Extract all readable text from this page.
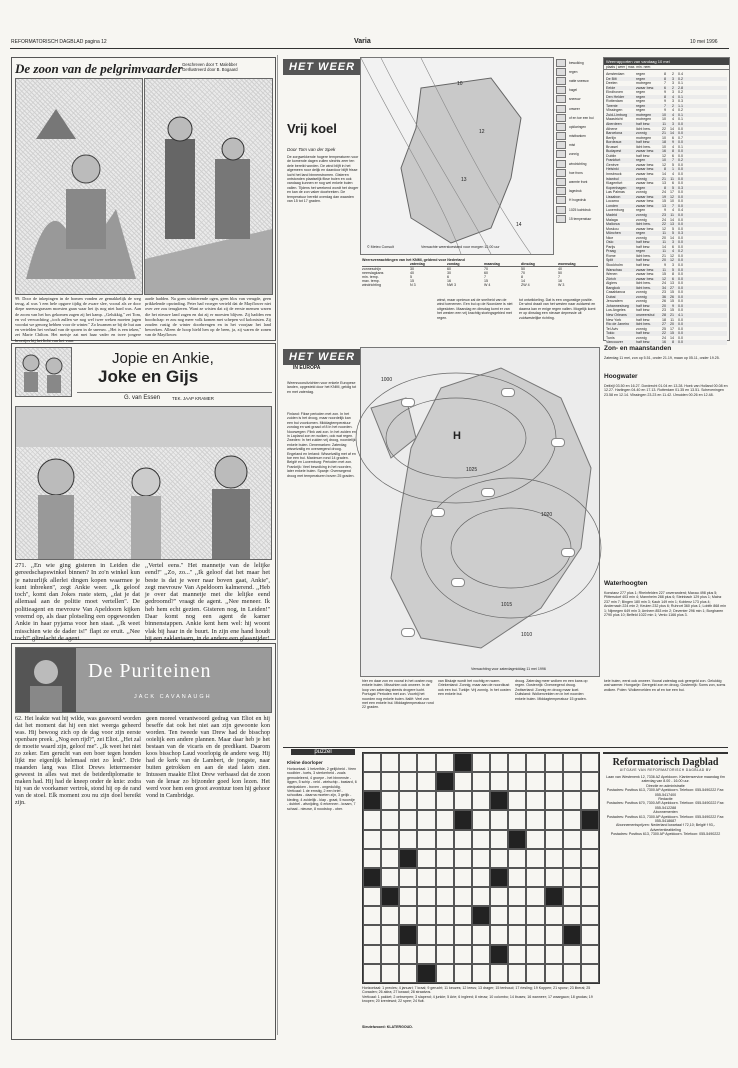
REFORMATORISCH DAGBLAD pagina 12	Varia	10 mei 1996
De zoon van de pelgrimvaarder Geschreven door T. Malebber
Geïllustreerd door B. Bogaard
99. Door de inkepingen in de bomen vonden ze gemakkelijk de weg terug, al was 't een hele opgave tijdig de zware slee, vooral als ze door diepe sneeuwgrassen moesten gaan waar het ijs nog niet hard was. Aan de zoom van het bos gekomen zagen zij het kamp. ,,Gelukkig,'' zei Tom, en vol verwachting ,,toch zullen we nog wel twee weken moeten jagen voordat we genoeg hebben voor de winter.'' Zo kwamen ze bij de hut aan en vertelden het verhaal van de sporen in de sneeuw. ,,Het is een teken,'' zei Marie Chilton. Het meisje zat met haar vader en twee jongere broertjes bij het licht van het vuur.
aarde hadden. Na goen schitterende ogen, geen blos van vreugde, geen prikkelende opwinding. Peter had vroeger verteld dat de Mayflower niet over zee zou terugkeren. Want ze wisten dat zij de eerste mensen waren die het nieuwe land zagen en dat zij er moesten blijven. Zij hadden een boodschap: er zou nog meer volk komen met schepen vol kolonisten. Zij zouden rustig de winter doorbrengen en in het voorjaar het land bewerken. Alleen de hoop hield hen op de been, ja, zij waren de zonen van de Mayflower.
Jopie en Ankie,
Joke en Gijs
G. van Essen	TEK. JAAP KRAMER
271. ,,En wie ging gisteren in Leiden die gereedschapswinkel binnen? In zo'n winkel kun je natuurlijk allerlei dingen kopen waarmee je kunt inbreken'', zegt Ankie weer. ,,Ik geloof toch'', komt dan Jokes ruste stem, ,,dat je dat allemaal aan de politie moet vertellen''. De politieagent en mevrouw Van Apeldoorn kijken vreemd op, als daar plotseling een opgewonden Ankie in haar pyjama voor hen staat. ,,Ik weet misschien wie de dader is!'' flapt ze eruit. ,,Nee toch!'' glimlacht de agent.
,,Vertel eens.'' Het mannetje van de lelijke eend!'' ,,Zo, zo...'' ,,Ik geloof dat het maar het beste is dat je weer naar boven gaat, Ankie'', zegt mevrouw Van Apeldoorn kalmerend. ,,Heb je over dat mannetje met die lelijke eend gedroomd?'' vraagt de agent. ,,Nee meneer. Ik heb hem echt gezien. Gisteren nog, in Leiden!'' Daar komt nog een agent de kamer binnenstappen. Ankie kent hem wel: hij woont vlak bij haar in de buurt. In zijn ene hand houdt hij een zaklantaarn, in de andere een glassnijder!
De Puriteinen
JACK CAVANAUGH
62. Het leakte wat hij wilde, was geavoerd worden dat het moment dat hij een niet weerga geheerd was. Hij bewoog zich op de dag voor zijn eerste openbare preek. ,,Nog een rijd?'', zei Eliot. ,,Het zal de moeite waard zijn, geloof me''. ,,Ik weet het niet zo zeker. Een gerucht van een boer tegen honden lijkt me eigenlijk helemaal niet zo leuk''. Drie maanden lang was Eliot Drews lettermeester geweest in alles wat met de beiderdiplomatie te maken had. Hij had de kneep onder de knie: zodra hij van de voorkamer vertrok, stond hij op de rand van de stoel. Elk moment zou nu zijn doel bereikt zijn.
geen moreel verantwoord gedrag van Eliot en hij beseffe dat ook het niet aan zijn gewoonte kon worden. Ten tweede van Drew had de bisschop ooielijk een andere plannen. Maar daar heb je het bestaan van de vicaris en de predikant. Daarom koos bisschop Laud voorlopig de andere weg. Hij had de kerk van de Lambert, de jongste, naar buiten getrokken en aan de stad laten zien. Intussen maakte Eliot Drew verbaasd dat de zoon van de leraar zo bijzonder goed kon lezen. Het werd voor hem een groot avontuur toen hij gehoor vond in Cambridge.
HET WEER
Vrij koel
Door Tom van der Spek
De zorgwekkende hogere temperaturen voor de komende dagen zullen slechts zeer ten dele bereikt worden. De wind blijft in het algemeen noor delijk en daardoor blijft frisse lucht het land binnenstromen. Gisteren ontstonden plaatselijk fikse buien en ook vandaag kunnen er nog wel enkele buien vallen. Tijdens het weekend wordt het droger en kan de zon vaker doorbreken. De temperatuur bereikt overdag dan waarden van 15 tot 17 graden.
10
12
13
14
© Meteo Consult	Verwachte weerstoestand voor morgen 12.00 uur
bewolking
regen
natte sneeuw
hagel
sneeuw
onweer
of en toe een bui
opklaringen
mistbanken
mist
zonnig
windrichting
hoe frons
warmte front
lagedruk
H hogedruk
1025 luchtdruk
15 temperatuur
Weersverwachtingen van het KNMI, geldend voor Nederland
zaterdag	zondag	maandag	dinsdag	woensdag
zonneschijn	30	60	70	50	40
neerslagkans	40	30	60	70	50
min. temp.	5	6	7	8	7
max. temp.	15	16	15	14	16
windrichting	N 3	NW 3	W 4	ZW 4	W 3
winst, maar opnieuw zal de snelheid van de wind toenemen. Een bui op de Noordzee is niet uitgesloten. Maandag en dinsdag komt er van het westen een vrij krachtig storingsgebied met regen.
tot ontwikkeling. Dat is een ongunstige positie. De wind draait van het westen naar zuidwest en daarna kan er enige regen vallen. Mogelijk komt er op dinsdag een nieuwe depressie uit zuidwestelijke richting.
HET WEER
IN EUROPA
Weersvooruitzichten voor enkele Europese landen, opgesteld door het KNMI, geldig tot en met zaterdag.
Finland: Fikse perioden met zon. In het zuiden is het droog, maar noordelijk kan een bui voorkomen. Middagtemperatuur zondag en wat graad of 8 in het noorden. Noorwegen: Flink wat zon. In het zuiden en in Lapland zon en wolken, ook wat regen. Zweden: In het zuiden vrij droog, noordelijk enkele buien. Denemarken: Zaterdag wisselvallig en overwegend droog. Engeland en Ierland: Wisselvallig met af en toe een bui. Maximum rond 14 graden. België en Luxemburg: Perioden met zon. Frankrijk: Veel bewolking in het noorden, later enkele buien. Spanje: Overwegend droog met temperaturen boven 25 graden.
H
1025
1020
1015
1010
1000
Verwachting voor zaterdagmiddag 11 mei 1996
hier en daar zon en vooral in het oosten nog enkele buien. Misschien ook onweer. In de loop van zaterdag steeds drogere lucht. Portugal: Perioden met zon. Voorbij het noorden nog enkele buien. Italië: Veel zon met een enkele bui. Middagtemperatuur rond 22 graden.
van Biskaje wordt het vochtig en warm. Griekenland: Zonnig, maar aan de noordkust ook een bui. Turkije: Vrij zonnig. In het oosten een enkele bui.
droog. Zaterdag meer wolken en een kans op regen. Oostenrijk: Overwegend droog. Zwitserland: Zonnig en droog maar koel. Duitsland: Wolkenvelden en in het noorden enkele buien. Middagtemperatuur 15 graden.
kele buien, eerst ook onweer. Vooral zaterdag ook geregeld zon. Gelukkig wat warmer. Hongarije: Geregeld zon en droog. Oostenrijk: Soms zon, soms wolken. Polen: Wolkenvelden en af en toe een bui.
Weerrapporten van vandaag 10 mei
plaats | weer | max. min. neer.
Amsterdam	regen	8	2	0.4
De Bilt	regen	8	3	0.2
Deelen	motregen	7	3	0.1
Eelde	zwaar bew.	6	2	2.8
Eindhoven	regen	9	3	0.2
Den Helder	regen	8	4	0.1
Rotterdam	regen	9	3	0.3
Twente	regen	7	2	1.1
Vlissingen	regen	9	4	0.2
Zuid-Limburg	motregen	10	4	0.1
Maastricht	motregen	10	4	0.1
Aberdeen	half bew.	11	3	0.0
Athene	licht bew.	22	14	0.0
Barcelona	zonnig	21	14	0.0
Berlijn	motregen	10	6	0.7
Bordeaux	half bew.	18	9	0.0
Brussel	licht bew.	10	4	0.1
Budapest	zwaar bew.	16	8	0.0
Dublin	half bew.	12	6	0.0
Frankfurt	regen	10	7	0.2
Genève	zwaar bew.	12	5	0.0
Helsinki	zwaar bew.	8	1	0.0
Innsbruck	zwaar bew.	14	4	0.0
Istanbul	zonnig	21	11	0.0
Klagenfurt	zwaar bew.	13	6	0.0
Kopenhagen	regen	8	5	0.3
Las Palmas	zonnig	24	17	0.0
Lissabon	zwaar bew.	19	12	0.0
Locarno	zwaar bew.	15	10	0.0
Londen	zwaar bew.	13	7	0.0
Luxemburg	regen	9	4	0.4
Madrid	zonnig	23	11	0.0
Malaga	zonnig	24	14	0.0
Mallorca	licht bew.	22	13	0.0
Moskou	zwaar bew.	12	5	0.0
München	regen	11	5	0.3
Nice	zonnig	20	14	0.0
Oslo	half bew.	11	3	0.0
Parijs	half bew.	14	6	0.0
Praag	regen	11	4	0.2
Rome	licht bew.	21	12	0.0
Split	half bew.	20	12	0.0
Stockholm	half bew.	9	3	0.0
Warschau	zwaar bew.	11	5	0.0
Wenen	zwaar bew.	15	8	0.0
Zürich	zwaar bew.	12	6	0.0
Algiers	licht bew.	24	13	0.0
Bangkok	licht bew.	34	27	0.0
Casablanca	zonnig	23	15	0.0
Dubai	zonnig	36	26	0.0
Jeruzalem	zonnig	26	15	0.0
Johannesburg	half bew.	20	9	0.0
Los Angeles	half bew.	23	15	0.0
New Orleans	onweersbui	28	21	4.1
New York	half bew.	18	11	0.0
Rio de Janeiro	licht bew.	27	20	0.0
Tel Aviv	zonnig	25	17	0.0
Tokio	half bew.	22	15	0.0
Tunis	zonnig	24	14	0.0
Vancouver	half bew.	16	8	0.0
Zon- en maanstanden
Zaterdag 11 mei, zon op 5.51, onder 21.19, maan op 05.11, onder 19.25.
Hoogwater
Delfzijl 03.50 en 16.27. Dordrecht 01.04 en 13.28. Hoek van Holland 00.08 en 12.27. Harlingen 04.40 en 17.13. Rotterdam 01.35 en 13.51. Scheveningen 23.58 en 12.14. Vlissingen 23.23 en 11.42. IJmuiden 00.26 en 12.48.
Waterhoogten
Konstanz 277 plus 1; Rheinfelden 227 onveranderd; Maxau 498 plus 5; Plittersdorf 403 min 4; Mannheim 288 plus 6; Steinbach 129 plus 1; Mainz 237 min 7; Bingen 180 min 3; Kaub 149 min 1; Koblenz 173 plus 4; Andernach 224 min 2; Keulen 232 plus 6; Ruhrort 360 plus 1; Lobith 868 min 1; Nijmegen 649 min 3; Arnhem 853 min 2; Deventer 296 min 1; Borgharen 2790 plus 10; Belfeld 1022 min 1; Venlo 1166 plus 3.
puzzel
Kleine doorloper
Horizontaal: 1 hetzelfde, 2 gelijkheid - Veen roodbier - toets, 3 sterkerheid - zoals gemodeleerd, 4 groepe - het binnenste - liggen, 5 schip - veld - wielschip - bastard, 6 wiedpakken - boven - ongeduldig.
Verticaal: 1 de ernstig, 2 een brief - schooltas - daarna moeten zijn, 3 gelijk - kleding, 4 zuidelijk - klap - graat, 5 woordje - dubbel - afsnijding, 6 erkennen - kraam, 7 schaal - nieuwe, 8 noodstop - ober.
Horizontaal: 1 precies; 4 januari; 7 kraal; 9 gerucht; 11 keuzes; 12 leeus; 13 drager; 15 tenhoud; 17 riesling; 19 Koppen; 21 sponz; 23 liberal; 25 Coraalen; 26 akira; 27 kwaad; 28 straatvos.
Verticaal: 1 pakket; 2 ontwerpen; 3 slapend; 4 junkie; 5 Arie; 6 ingleed; 8 nieuw; 10 colombo; 14 ibuses; 16 wanneer; 17 waargaon; 18 grodas; 19 knopen; 20 krentewol; 22 spee; 24 fluit.
Sleutelwoord: KLATERGOUD.
Reformatorisch Dagblad
UITGAVE VAN REFORMATORISCH DAGBLAD BV
Laan van Westenenk 12, 7336 AZ Apeldoorn. Klantenservice maandag t/m zaterdag van 8.00 - 16.00 uur.
Directie en administratie
Postadres: Postbus 613, 7300 AP Apeldoorn. Telefoon: 055-5490222 Fax: 055-5417400
Redactie
Postadres: Postbus 670, 7300 AR Apeldoorn. Telefoon: 055-5490222 Fax: 055-5412288
Abonnementen
Postadres: Postbus 613, 7300 AP Apeldoorn. Telefoon: 055-5490222 Fax: 055-5418687
Abonnementsprijzen: Nederland kwartaal f 72,10; België f 93,-
Advertentieafdeling
Postadres: Postbus 613, 7300 AP Apeldoorn. Telefoon: 055-5490222
